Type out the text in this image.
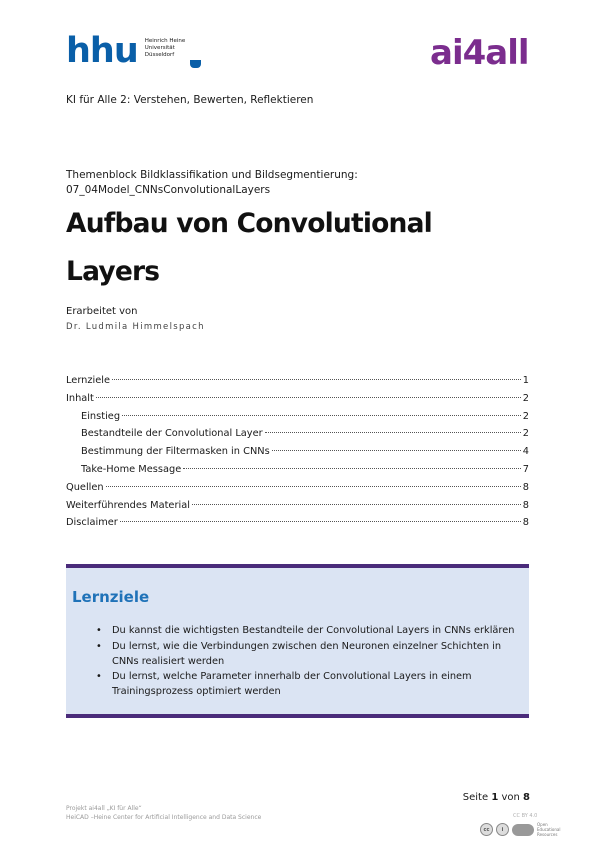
hhu Heinrich Heine
Universität
Düsseldorf	ai4all
KI für Alle 2: Verstehen, Bewerten, Reflektieren
Themenblock Bildklassifikation und Bildsegmentierung:
07_04Model_CNNsConvolutionalLayers
Aufbau von Convolutional
Layers
Erarbeitet von
Dr. Ludmila Himmelspach
Lernziele	1
Inhalt	2
Einstieg	2
Bestandteile der Convolutional Layer	2
Bestimmung der Filtermasken in CNNs	4
Take-Home Message	7
Quellen	8
Weiterführendes Material	8
Disclaimer	8
Lernziele
• Du kannst die wichtigsten Bestandteile der Convolutional Layers in CNNs erklären
• Du lernst, wie die Verbindungen zwischen den Neuronen einzelner Schichten in CNNs realisiert werden
• Du lernst, welche Parameter innerhalb der Convolutional Layers in einem Trainingsprozess optimiert werden
Seite 1 von 8
Projekt ai4all „KI für Alle“
HeiCAD –Heine Center for Artificial Intelligence and Data Science	CC BY 4.0
cc	i
Open Educational Resources
